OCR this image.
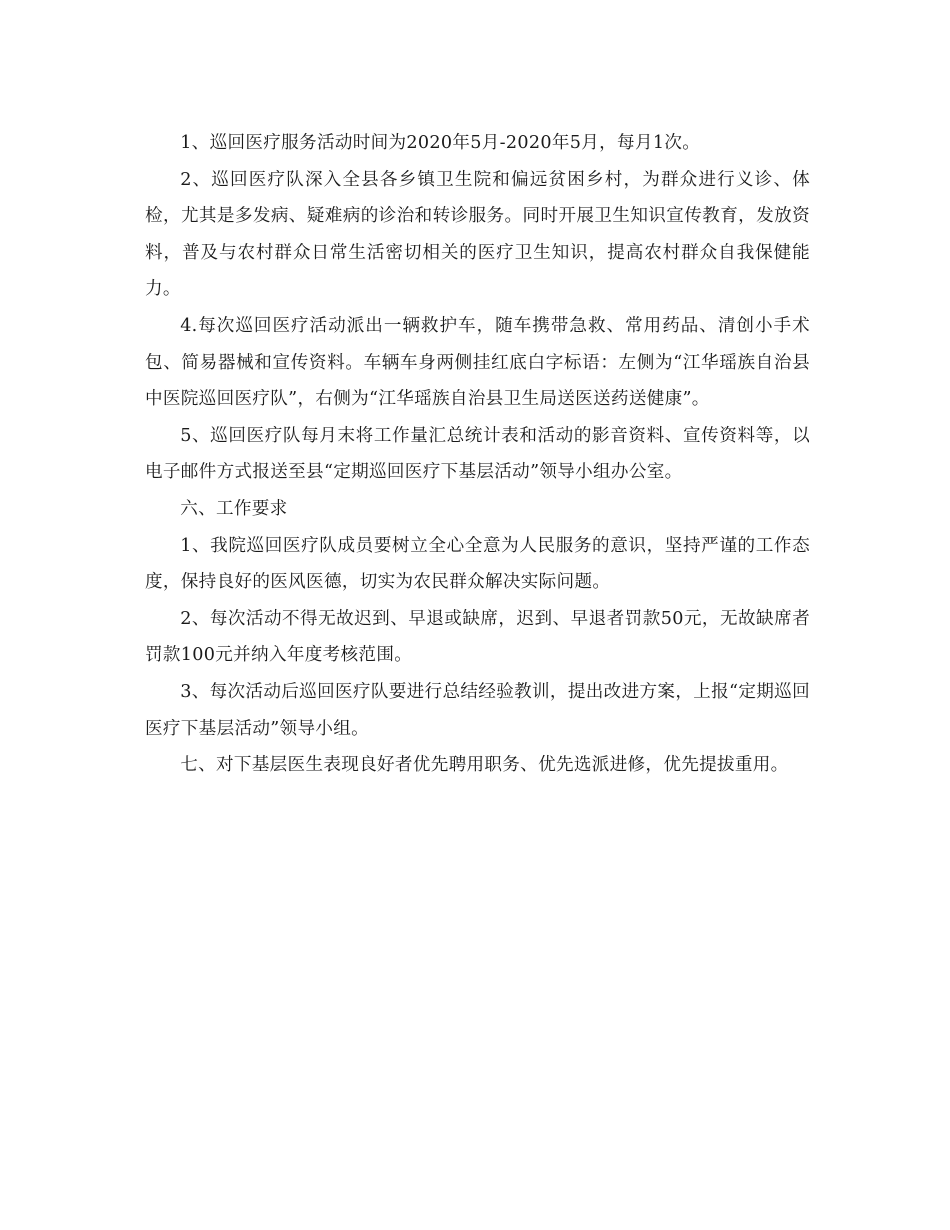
1、巡回医疗服务活动时间为2020年5月-2020年5月，每月1次。

2、巡回医疗队深入全县各乡镇卫生院和偏远贫困乡村，为群众进行义诊、体检，尤其是多发病、疑难病的诊治和转诊服务。同时开展卫生知识宣传教育，发放资料，普及与农村群众日常生活密切相关的医疗卫生知识，提高农村群众自我保健能力。

4.每次巡回医疗活动派出一辆救护车，随车携带急救、常用药品、清创小手术包、简易器械和宣传资料。车辆车身两侧挂红底白字标语：左侧为“江华瑶族自治县中医院巡回医疗队”，右侧为“江华瑶族自治县卫生局送医送药送健康”。

5、巡回医疗队每月末将工作量汇总统计表和活动的影音资料、宣传资料等，以电子邮件方式报送至县“定期巡回医疗下基层活动”领导小组办公室。

六、工作要求

1、我院巡回医疗队成员要树立全心全意为人民服务的意识，坚持严谨的工作态度，保持良好的医风医德，切实为农民群众解决实际问题。

2、每次活动不得无故迟到、早退或缺席，迟到、早退者罚款50元，无故缺席者罚款100元并纳入年度考核范围。

3、每次活动后巡回医疗队要进行总结经验教训，提出改进方案，上报“定期巡回医疗下基层活动”领导小组。

七、对下基层医生表现良好者优先聘用职务、优先选派进修，优先提拔重用。
